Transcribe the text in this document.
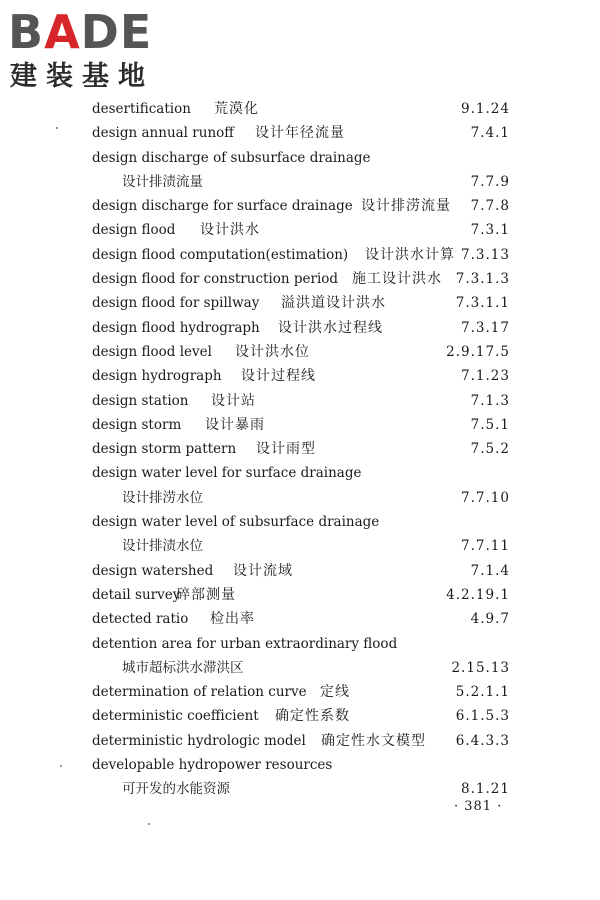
BADE
建装基地
desertification 荒漠化	9.1.24
design annual runoff 设计年径流量	7.4.1
design discharge of subsurface drainage
设计排渍流量	7.7.9
design discharge for surface drainage 设计排涝流量 7.7.8
design flood 设计洪水	7.3.1
design flood computation(estimation) 设计洪水计算 7.3.13
design flood for construction period 施工设计洪水 7.3.1.3
design flood for spillway 溢洪道设计洪水	7.3.1.1
design flood hydrograph 设计洪水过程线	7.3.17
design flood level 设计洪水位	2.9.17.5
design hydrograph 设计过程线	7.1.23
design station 设计站	7.1.3
design storm 设计暴雨	7.5.1
design storm pattern 设计雨型	7.5.2
design water level for surface drainage
设计排涝水位	7.7.10
design water level of subsurface drainage
设计排渍水位	7.7.11
design watershed 设计流域	7.1.4
detail survey
碎部测量	4.2.19.1
detected ratio 检出率	4.9.7
detention area for urban extraordinary flood
城市超标洪水滞洪区	2.15.13
determination of relation curve 定线	5.2.1.1
deterministic coefficient 确定性系数	6.1.5.3
deterministic hydrologic model 确定性水文模型 6.4.3.3
developable hydropower resources
可开发的水能资源	8.1.21
· 381 ·
